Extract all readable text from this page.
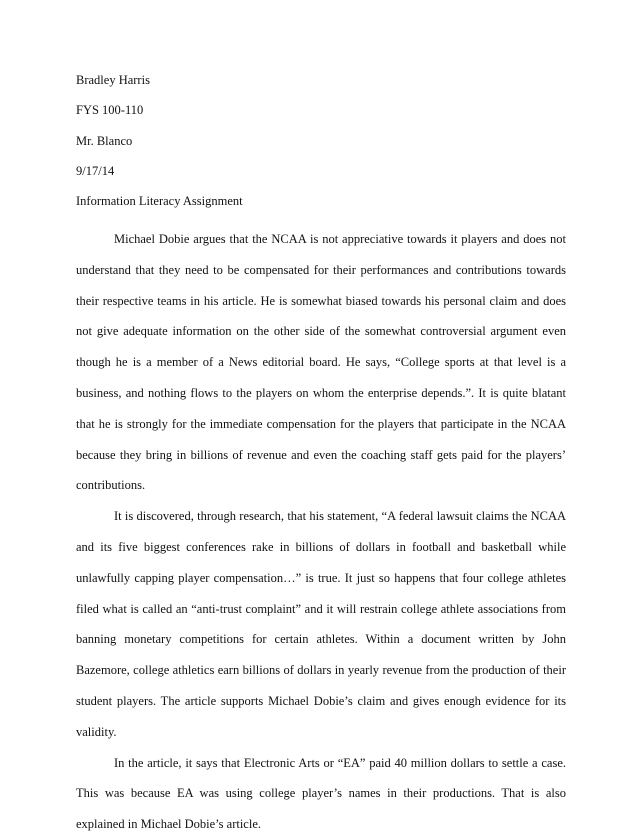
Bradley Harris
FYS 100-110
Mr. Blanco
9/17/14
Information Literacy Assignment

Michael Dobie argues that the NCAA is not appreciative towards it players and does not understand that they need to be compensated for their performances and contributions towards their respective teams in his article. He is somewhat biased towards his personal claim and does not give adequate information on the other side of the somewhat controversial argument even though he is a member of a News editorial board. He says, “College sports at that level is a business, and nothing flows to the players on whom the enterprise depends.”. It is quite blatant that he is strongly for the immediate compensation for the players that participate in the NCAA because they bring in billions of revenue and even the coaching staff gets paid for the players’ contributions.

It is discovered, through research, that his statement, “A federal lawsuit claims the NCAA and its five biggest conferences rake in billions of dollars in football and basketball while unlawfully capping player compensation…” is true. It just so happens that four college athletes filed what is called an “anti-trust complaint” and it will restrain college athlete associations from banning monetary competitions for certain athletes. Within a document written by John Bazemore, college athletics earn billions of dollars in yearly revenue from the production of their student players. The article supports Michael Dobie’s claim and gives enough evidence for its validity.

In the article, it says that Electronic Arts or “EA” paid 40 million dollars to settle a case. This was because EA was using college player’s names in their productions. That is also explained in Michael Dobie’s article.
